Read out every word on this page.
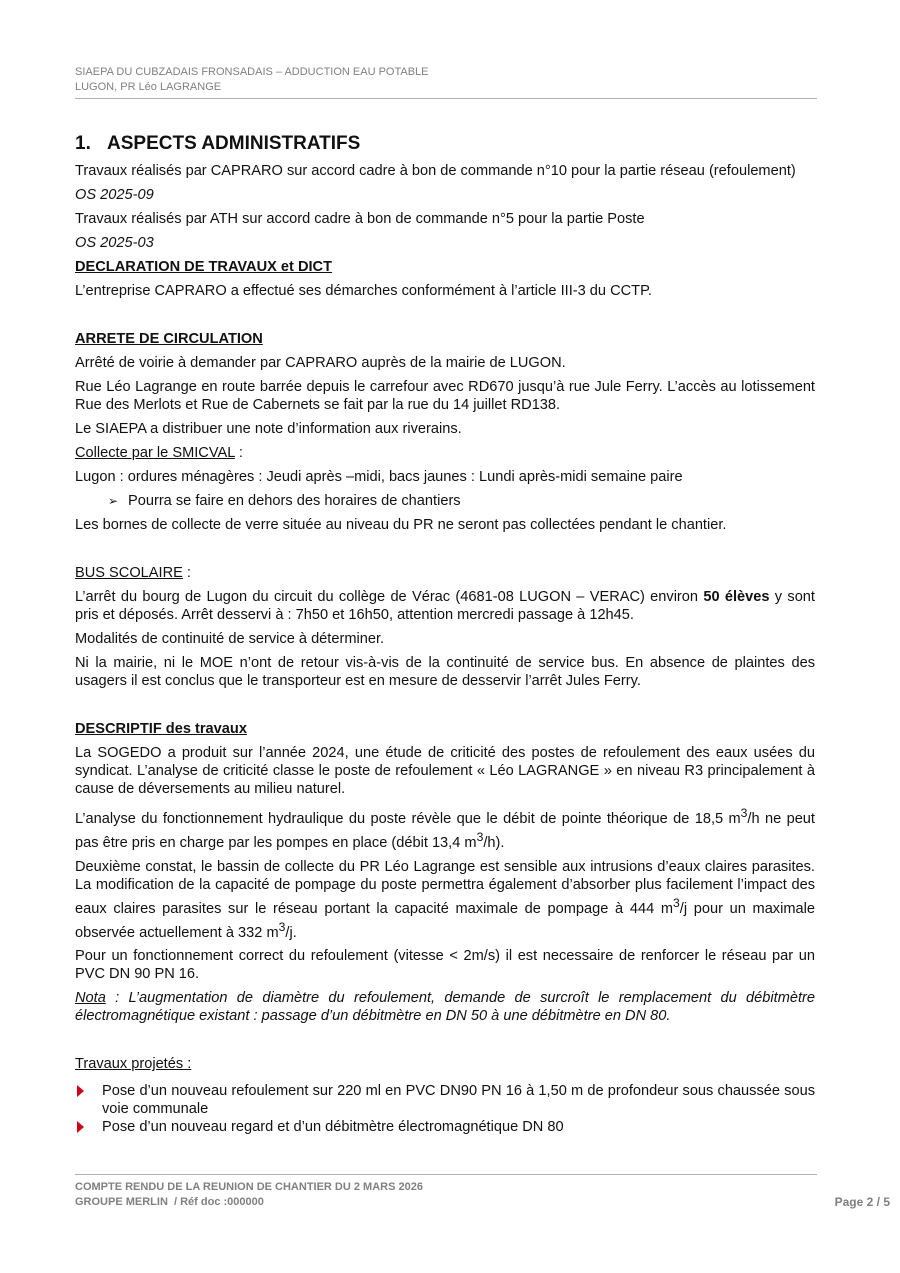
SIAEPA DU CUBZADAIS FRONSADAIS – ADDUCTION EAU POTABLE
LUGON, PR Léo LAGRANGE
1. ASPECTS ADMINISTRATIFS

Travaux réalisés par CAPRARO sur accord cadre à bon de commande n°10 pour la partie réseau (refoulement)

OS 2025-09

Travaux réalisés par ATH sur accord cadre à bon de commande n°5 pour la partie Poste

OS 2025-03

DECLARATION DE TRAVAUX et DICT

L’entreprise CAPRARO a effectué ses démarches conformément à l’article III-3 du CCTP.

ARRETE DE CIRCULATION

Arrêté de voirie à demander par CAPRARO auprès de la mairie de LUGON.

Rue Léo Lagrange en route barrée depuis le carrefour avec RD670 jusqu’à rue Jule Ferry. L’accès au lotissement Rue des Merlots et Rue de Cabernets se fait par la rue du 14 juillet RD138.

Le SIAEPA a distribuer une note d’information aux riverains.

Collecte par le SMICVAL :

Lugon : ordures ménagères : Jeudi après –midi, bacs jaunes : Lundi après-midi semaine paire

➢ Pourra se faire en dehors des horaires de chantiers

Les bornes de collecte de verre située au niveau du PR ne seront pas collectées pendant le chantier.

BUS SCOLAIRE :

L’arrêt du bourg de Lugon du circuit du collège de Vérac (4681-08 LUGON – VERAC) environ 50 élèves y sont pris et déposés. Arrêt desservi à : 7h50 et 16h50, attention mercredi passage à 12h45.

Modalités de continuité de service à déterminer.

Ni la mairie, ni le MOE n’ont de retour vis-à-vis de la continuité de service bus. En absence de plaintes des usagers il est conclus que le transporteur est en mesure de desservir l’arrêt Jules Ferry.

DESCRIPTIF des travaux

La SOGEDO a produit sur l’année 2024, une étude de criticité des postes de refoulement des eaux usées du syndicat. L’analyse de criticité classe le poste de refoulement « Léo LAGRANGE » en niveau R3 principalement à cause de déversements au milieu naturel.

L’analyse du fonctionnement hydraulique du poste révèle que le débit de pointe théorique de 18,5 $m^3/h$ ne peut pas être pris en charge par les pompes en place (débit 13,4 $m^3/h$).

Deuxième constat, le bassin de collecte du PR Léo Lagrange est sensible aux intrusions d’eaux claires parasites. La modification de la capacité de pompage du poste permettra également d’absorber plus facilement l’impact des eaux claires parasites sur le réseau portant la capacité maximale de pompage à 444 $m^3/j$ pour un maximale observée actuellement à 332 $m^3/j$.

Pour un fonctionnement correct du refoulement (vitesse < 2m/s) il est necessaire de renforcer le réseau par un PVC DN 90 PN 16.

Nota : L’augmentation de diamètre du refoulement, demande de surcroît le remplacement du débitmètre électromagnétique existant : passage d’un débitmètre en DN 50 à une débitmètre en DN 80.

Travaux projetés :

Pose d’un nouveau refoulement sur 220 ml en PVC DN90 PN 16 à 1,50 m de profondeur sous chaussée sous voie communale
Pose d’un nouveau regard et d’un débitmètre électromagnétique DN 80
COMPTE RENDU DE LA REUNION DE CHANTIER DU 2 MARS 2026
GROUPE MERLIN  / Réf doc :000000	Page 2 / 5
